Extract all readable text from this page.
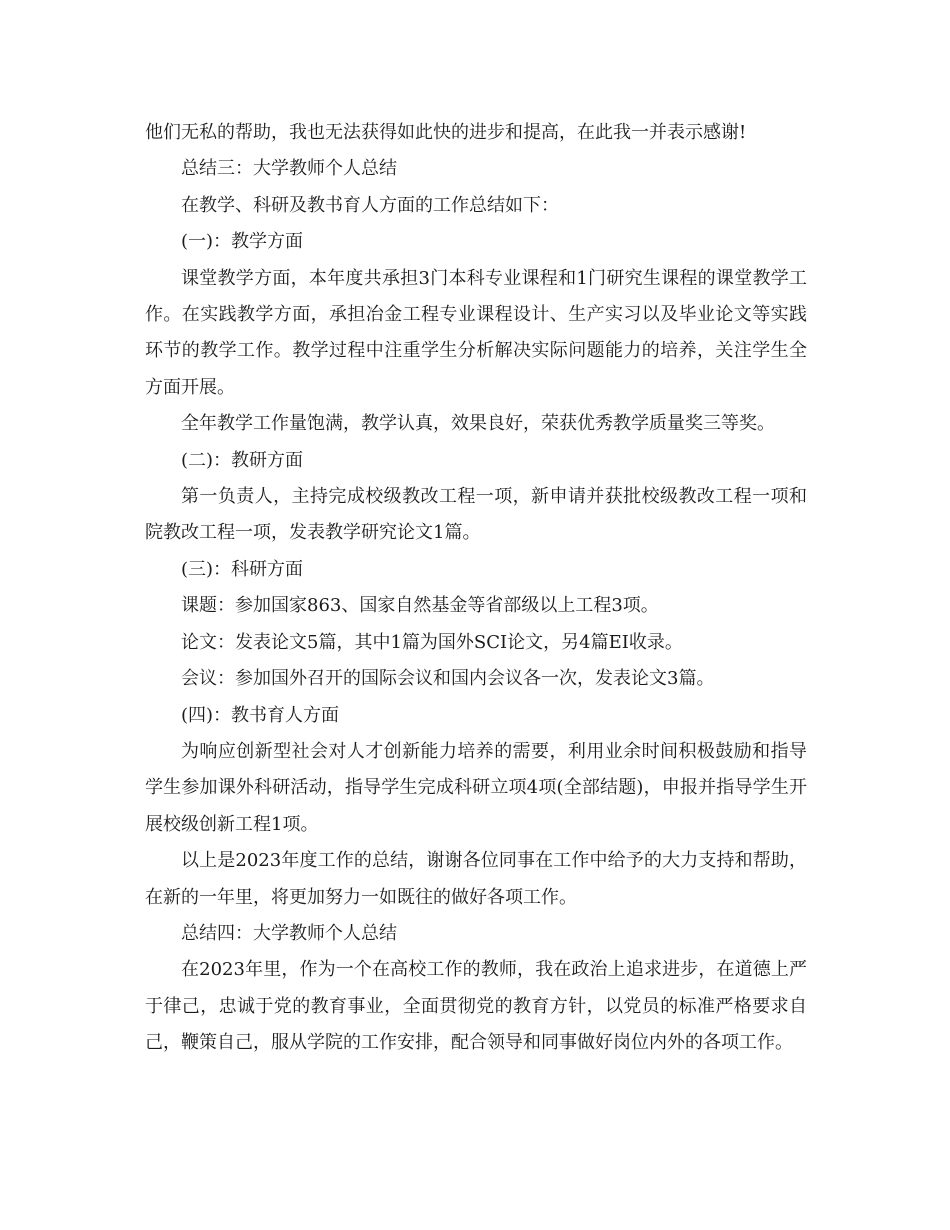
他们无私的帮助，我也无法获得如此快的进步和提高，在此我一并表示感谢!

总结三：大学教师个人总结

在教学、科研及教书育人方面的工作总结如下：

(一)：教学方面

课堂教学方面，本年度共承担3门本科专业课程和1门研究生课程的课堂教学工作。在实践教学方面，承担冶金工程专业课程设计、生产实习以及毕业论文等实践环节的教学工作。教学过程中注重学生分析解决实际问题能力的培养，关注学生全方面开展。

全年教学工作量饱满，教学认真，效果良好，荣获优秀教学质量奖三等奖。

(二)：教研方面

第一负责人，主持完成校级教改工程一项，新申请并获批校级教改工程一项和院教改工程一项，发表教学研究论文1篇。

(三)：科研方面

课题：参加国家863、国家自然基金等省部级以上工程3项。

论文：发表论文5篇，其中1篇为国外SCI论文，另4篇EI收录。

会议：参加国外召开的国际会议和国内会议各一次，发表论文3篇。

(四)：教书育人方面

为响应创新型社会对人才创新能力培养的需要，利用业余时间积极鼓励和指导学生参加课外科研活动，指导学生完成科研立项4项(全部结题)，申报并指导学生开展校级创新工程1项。

以上是2023年度工作的总结，谢谢各位同事在工作中给予的大力支持和帮助，在新的一年里，将更加努力一如既往的做好各项工作。

总结四：大学教师个人总结

在2023年里，作为一个在高校工作的教师，我在政治上追求进步，在道德上严于律己，忠诚于党的教育事业，全面贯彻党的教育方针，以党员的标准严格要求自己，鞭策自己，服从学院的工作安排，配合领导和同事做好岗位内外的各项工作。
